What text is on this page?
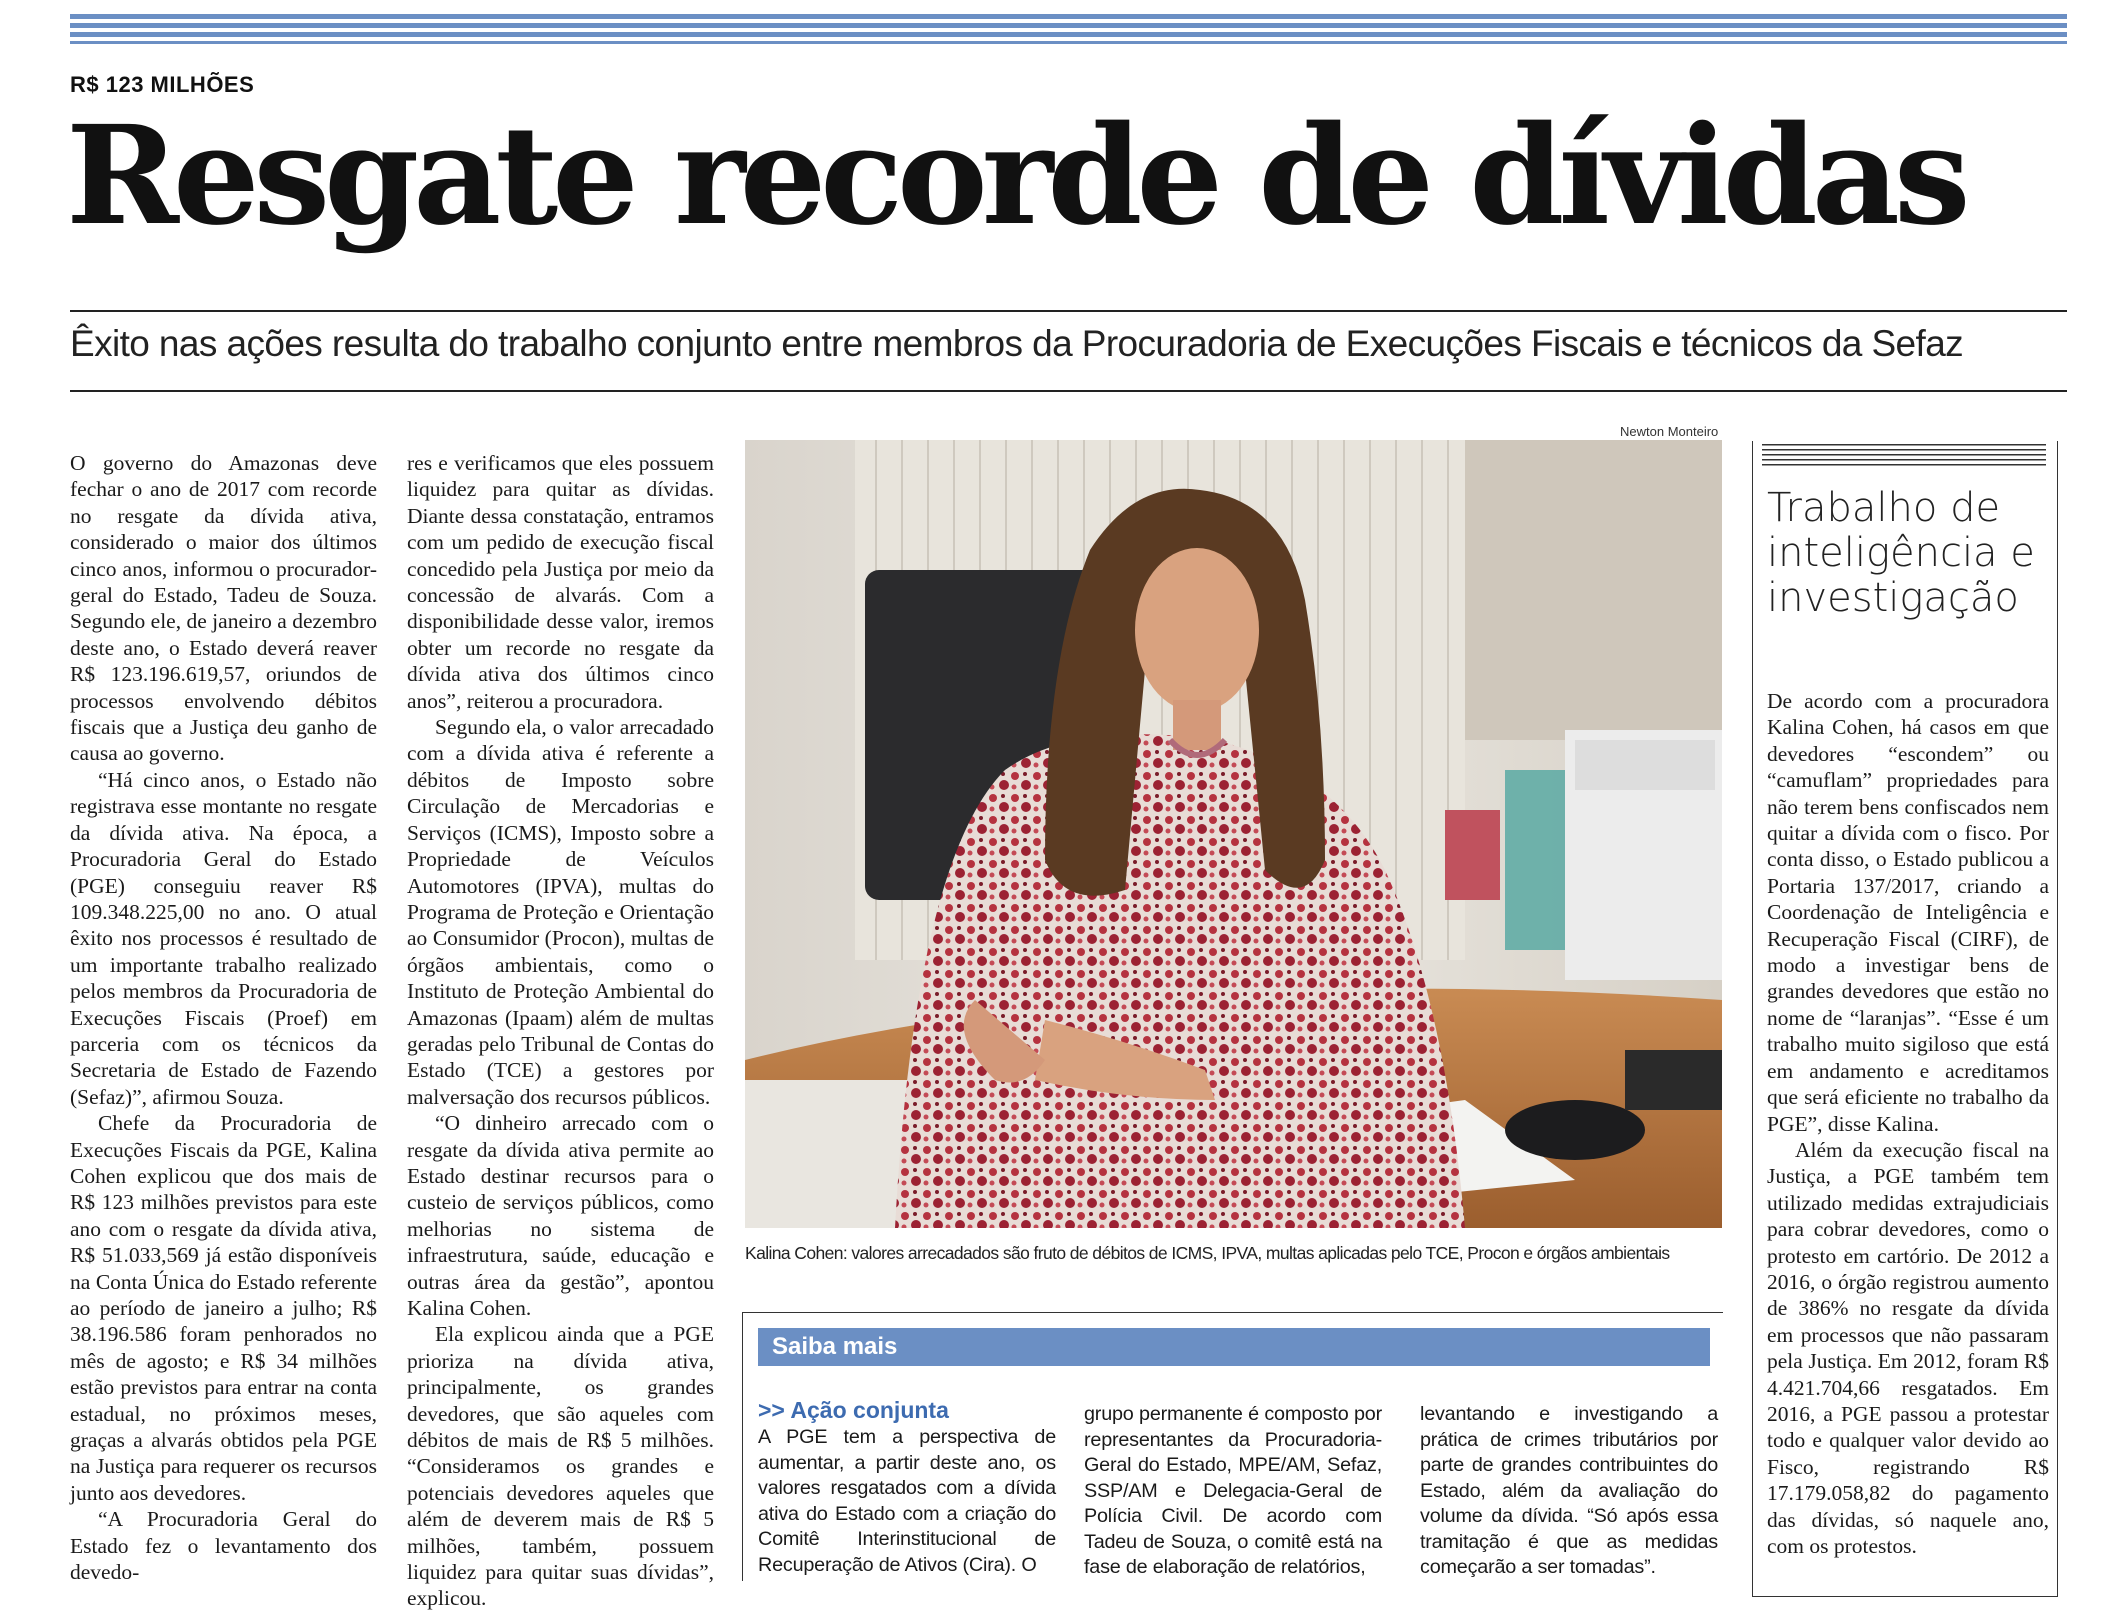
R$ 123 MILHÕES
Resgate recorde de dívidas
Êxito nas ações resulta do trabalho conjunto entre membros da Procuradoria de Execuções Fiscais e técnicos da Sefaz

O governo do Amazonas deve fechar o ano de 2017 com recorde no resgate da dívida ativa, considerado o maior dos últimos cinco anos, informou o procurador-geral do Estado, Tadeu de Souza. Segundo ele, de janeiro a dezembro deste ano, o Estado deverá reaver R$ 123.196.619,57, oriundos de processos envolvendo débitos fiscais que a Justiça deu ganho de causa ao governo.

“Há cinco anos, o Estado não registrava esse montante no resgate da dívida ativa. Na época, a Procuradoria Geral do Estado (PGE) conseguiu reaver R$ 109.348.225,00 no ano. O atual êxito nos processos é resultado de um importante trabalho realizado pelos membros da Procuradoria de Execuções Fiscais (Proef) em parceria com os técnicos da Secretaria de Estado de Fazendo (Sefaz)”, afirmou Souza.

Chefe da Procuradoria de Execuções Fiscais da PGE, Kalina Cohen explicou que dos mais de R$ 123 milhões previstos para este ano com o resgate da dívida ativa, R$ 51.033,569 já estão disponíveis na Conta Única do Estado referente ao período de janeiro a julho; R$ 38.196.586 foram penhorados no mês de agosto; e R$ 34 milhões estão previstos para entrar na conta estadual, no próximos meses, graças a alvarás obtidos pela PGE na Justiça para requerer os recursos junto aos devedores.

“A Procuradoria Geral do Estado fez o levantamento dos devedo-

res e verificamos que eles possuem liquidez para quitar as dívidas. Diante dessa constatação, entramos com um pedido de execução fiscal concedido pela Justiça por meio da concessão de alvarás. Com a disponibilidade desse valor, iremos obter um recorde no resgate da dívida ativa dos últimos cinco anos”, reiterou a procuradora.

Segundo ela, o valor arrecadado com a dívida ativa é referente a débitos de Imposto sobre Circulação de Mercadorias e Serviços (ICMS), Imposto sobre a Propriedade de Veículos Automotores (IPVA), multas do Programa de Proteção e Orientação ao Consumidor (Procon), multas de órgãos ambientais, como o Instituto de Proteção Ambiental do Amazonas (Ipaam) além de multas geradas pelo Tribunal de Contas do Estado (TCE) a gestores por malversação dos recursos públicos.

“O dinheiro arrecado com o resgate da dívida ativa permite ao Estado destinar recursos para o custeio de serviços públicos, como melhorias no sistema de infraestrutura, saúde, educação e outras área da gestão”, apontou Kalina Cohen.

Ela explicou ainda que a PGE prioriza na dívida ativa, principalmente, os grandes devedores, que são aqueles com débitos de mais de R$ 5 milhões. “Consideramos os grandes e potenciais devedores aqueles que além de deverem mais de R$ 5 milhões, também, possuem liquidez para quitar suas dívidas”, explicou.

Newton Monteiro
Kalina Cohen: valores arrecadados são fruto de débitos de ICMS, IPVA, multas aplicadas pelo TCE, Procon e órgãos ambientais
Saiba mais
>> Ação conjunta
A PGE tem a perspectiva de aumentar, a partir deste ano, os valores resgatados com a dívida ativa do Estado com a criação do Comitê Interinstitucional de Recuperação de Ativos (Cira). O
grupo permanente é composto por representantes da Procuradoria-Geral do Estado, MPE/AM, Sefaz, SSP/AM e Delegacia-Geral de Polícia Civil. De acordo com Tadeu de Souza, o comitê está na fase de elaboração de relatórios,
levantando e investigando a prática de crimes tributários por parte de grandes contribuintes do Estado, além da avaliação do volume da dívida. “Só após essa tramitação é que as medidas começarão a ser tomadas”.
Trabalho de inteligência e investigação

De acordo com a procuradora Kalina Cohen, há casos em que devedores “escondem” ou “camuflam” propriedades para não terem bens confiscados nem quitar a dívida com o fisco. Por conta disso, o Estado publicou a Portaria 137/2017, criando a Coordenação de Inteligência e Recuperação Fiscal (CIRF), de modo a investigar bens de grandes devedores que estão no nome de “laranjas”. “Esse é um trabalho muito sigiloso que está em andamento e acreditamos que será eficiente no trabalho da PGE”, disse Kalina.

Além da execução fiscal na Justiça, a PGE também tem utilizado medidas extrajudiciais para cobrar devedores, como o protesto em cartório. De 2012 a 2016, o órgão registrou aumento de 386% no resgate da dívida em processos que não passaram pela Justiça. Em 2012, foram R$ 4.421.704,66 resgatados. Em 2016, a PGE passou a protestar todo e qualquer valor devido ao Fisco, registrando R$ 17.179.058,82 do pagamento das dívidas, só naquele ano, com os protestos.
